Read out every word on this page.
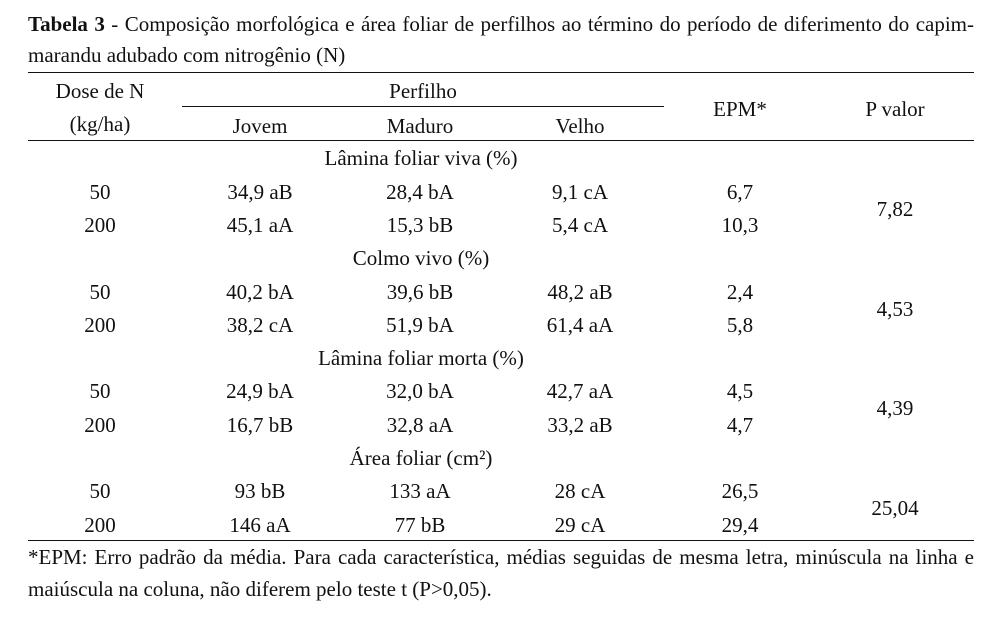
Tabela 3 - Composição morfológica e área foliar de perfilhos ao término do período de diferimento do capim-marandu adubado com nitrogênio (N)
Dose de N
(kg/ha)
Perfilho
Jovem	Maduro	Velho
EPM*	P valor
Lâmina foliar viva (%)
50	34,9 aB	28,4 bA	9,1 cA	6,7
200	45,1 aA	15,3 bB	5,4 cA	10,3
7,82
Colmo vivo (%)
50	40,2 bA	39,6 bB	48,2 aB	2,4
200	38,2 cA	51,9 bA	61,4 aA	5,8
4,53
Lâmina foliar morta (%)
50	24,9 bA	32,0 bA	42,7 aA	4,5
200	16,7 bB	32,8 aA	33,2 aB	4,7
4,39
Área foliar (cm²)
50	93 bB	133 aA	28 cA	26,5
200	146 aA	77 bB	29 cA	29,4
25,04
*EPM: Erro padrão da média. Para cada característica, médias seguidas de mesma letra, minúscula na linha e maiúscula na coluna, não diferem pelo teste t (P>0,05).
